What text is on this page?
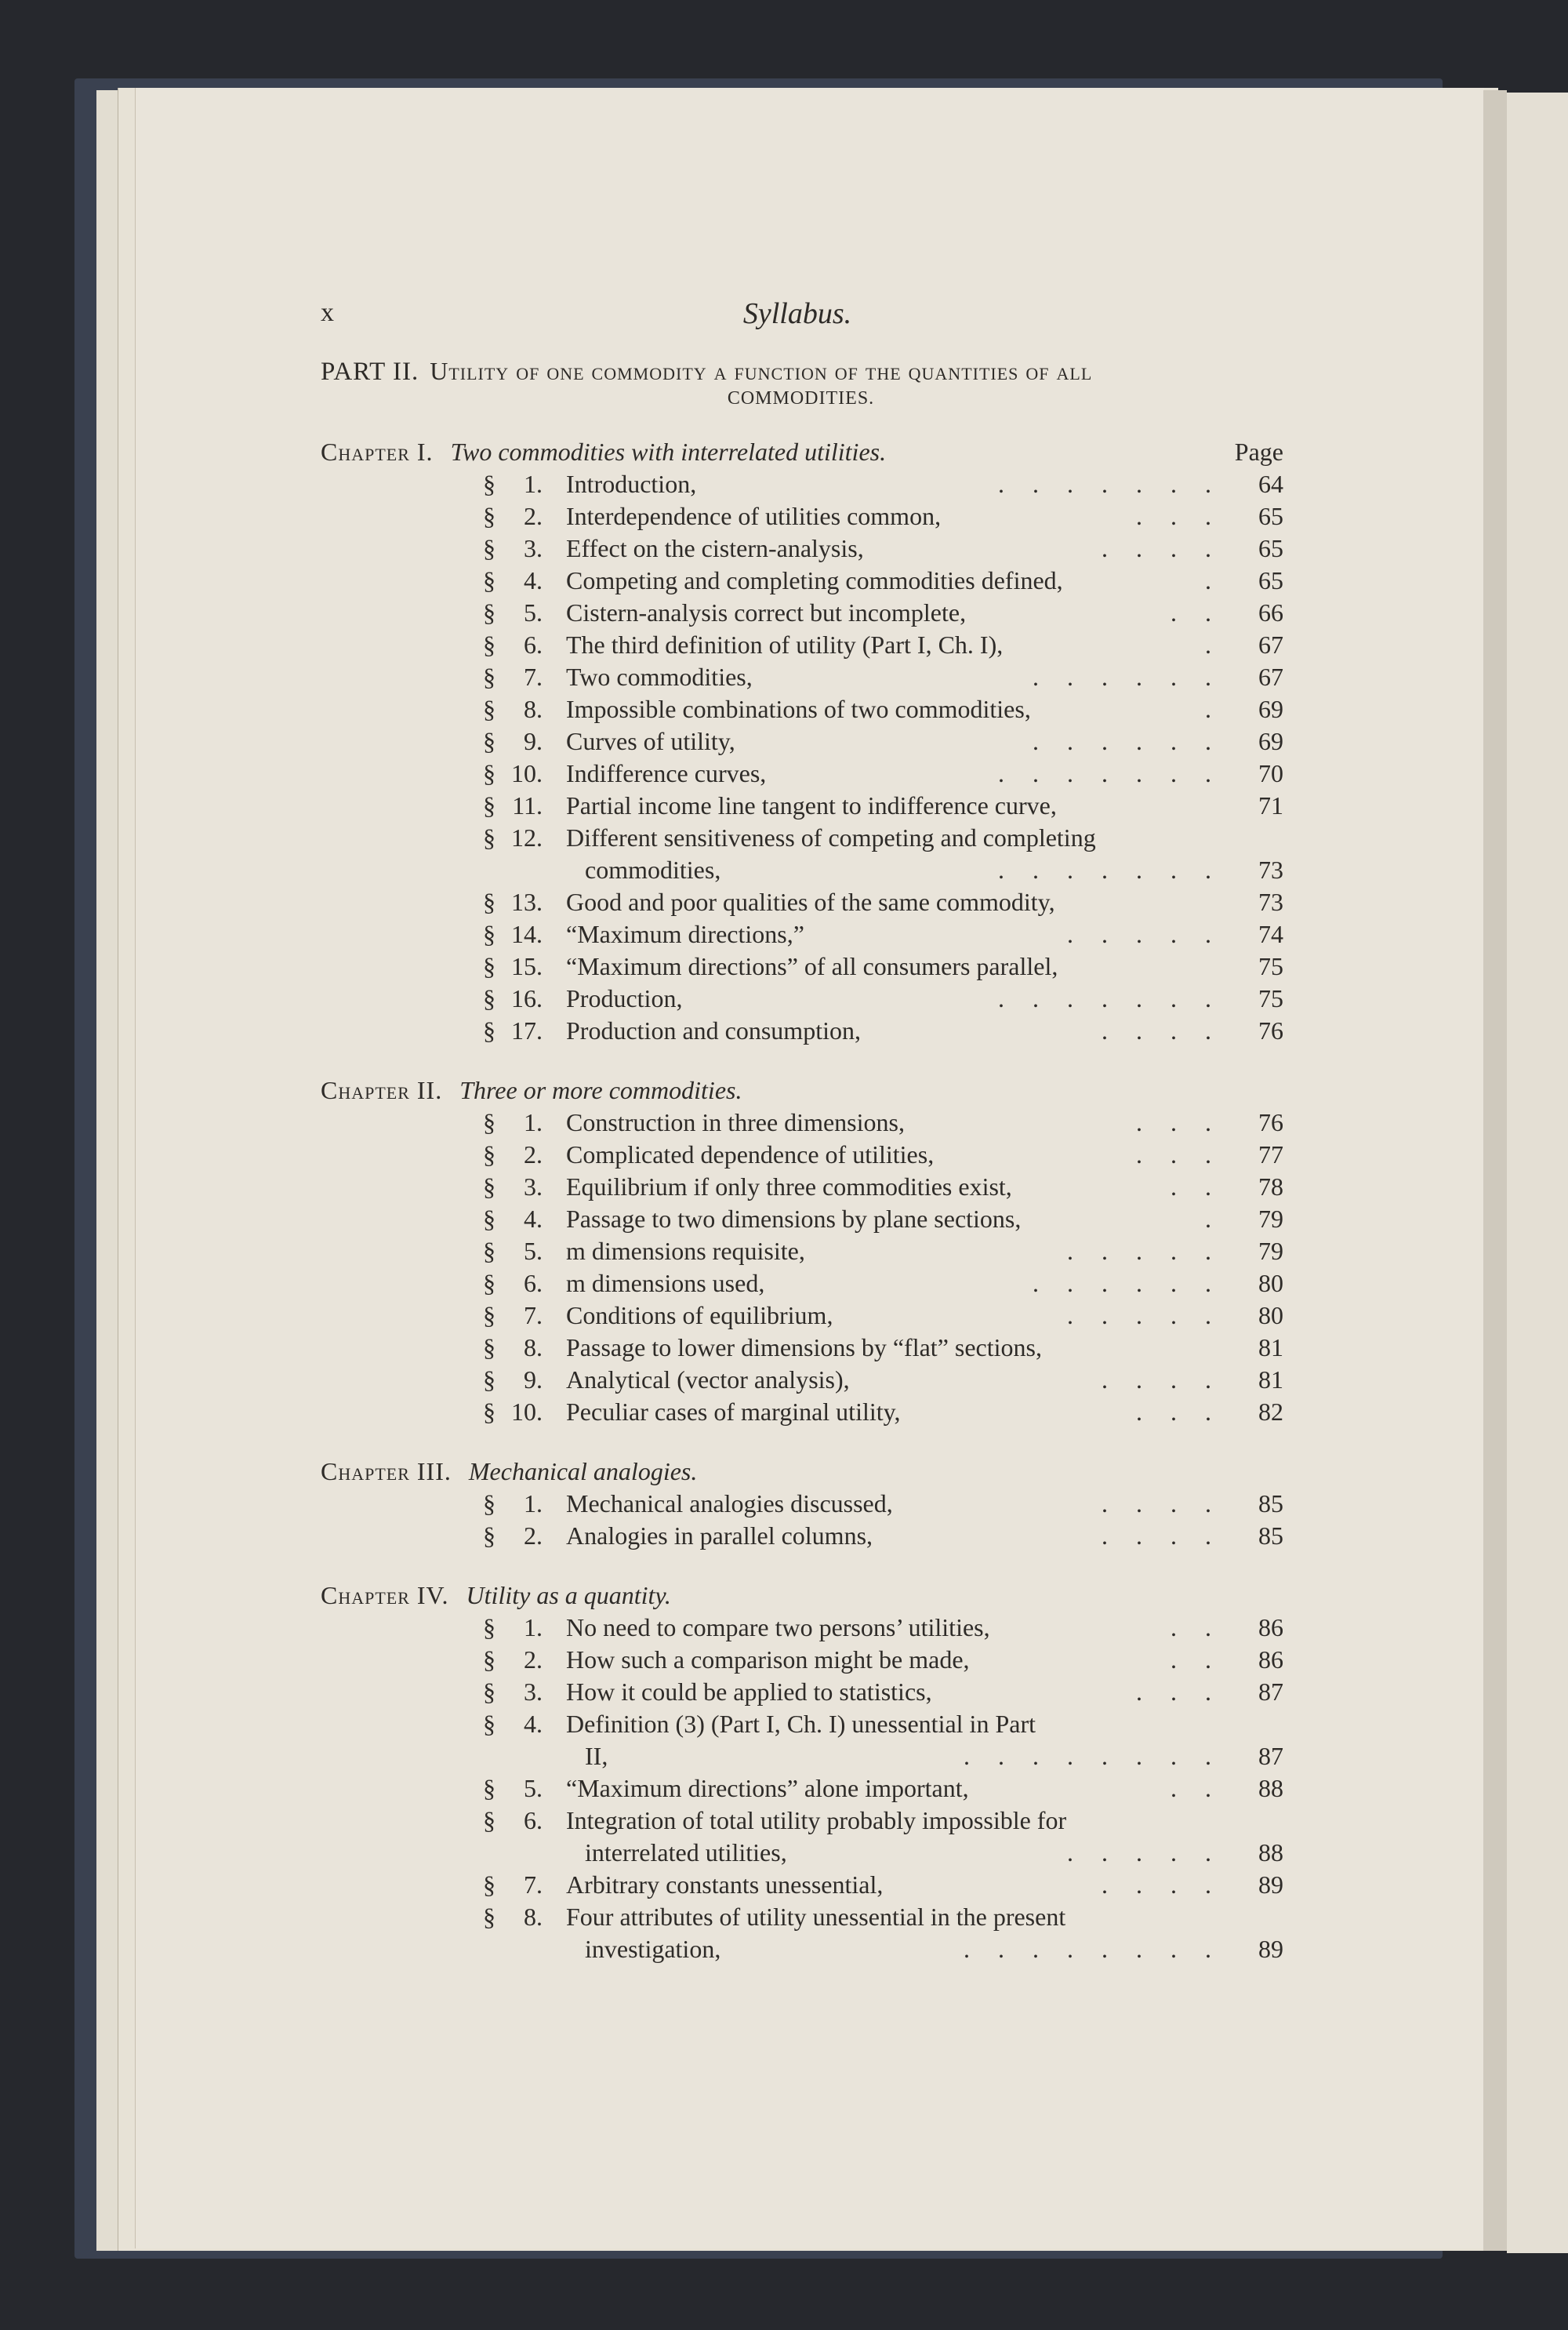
x	Syllabus.
PART II. Utility of one commodity a function of the quantities of all
COMMODITIES.
Chapter I. Two commodities with interrelated utilities.	Page
§	1. Introduction,	. . . . . . .	64
§	2. Interdependence of utilities common,	. . .	65
§	3. Effect on the cistern-analysis,	. . . .	65
§	4. Competing and completing commodities defined,	.	65
§	5. Cistern-analysis correct but incomplete,	. .	66
§	6. The third definition of utility (Part I, Ch. I),	.	67
§	7. Two commodities,	. . . . . .	67
§	8. Impossible combinations of two commodities,	.	69
§	9. Curves of utility,	. . . . . .	69
§ 10. Indifference curves,	. . . . . . .	70
§ 11. Partial income line tangent to indifference curve,	71
§ 12. Different sensitiveness of competing and completing
commodities,	. . . . . . .	73
§ 13. Good and poor qualities of the same commodity,	73
§ 14. “Maximum directions,”	. . . . .	74
§ 15. “Maximum directions” of all consumers parallel,	75
§ 16. Production,	. . . . . . .	75
§ 17. Production and consumption,	. . . .	76
Chapter II. Three or more commodities.
§	1. Construction in three dimensions,	. . .	76
§	2. Complicated dependence of utilities,	. . .	77
§	3. Equilibrium if only three commodities exist,	. .	78
§	4. Passage to two dimensions by plane sections,	.	79
§	5. m dimensions requisite,	. . . . .	79
§	6. m dimensions used,	. . . . . .	80
§	7. Conditions of equilibrium,	. . . . .	80
§	8. Passage to lower dimensions by “flat” sections,	81
§	9. Analytical (vector analysis),	. . . .	81
§ 10. Peculiar cases of marginal utility,	. . .	82
Chapter III. Mechanical analogies.
§	1. Mechanical analogies discussed,	. . . .	85
§	2. Analogies in parallel columns,	. . . .	85
Chapter IV. Utility as a quantity.
§	1. No need to compare two persons’ utilities,	. .	86
§	2. How such a comparison might be made,	. .	86
§	3. How it could be applied to statistics,	. . .	87
§	4. Definition (3) (Part I, Ch. I) unessential in Part
II,	. . . . . . . .	87
§	5. “Maximum directions” alone important,	. .	88
§	6. Integration of total utility probably impossible for
interrelated utilities,	. . . . .	88
§	7. Arbitrary constants unessential,	. . . .	89
§	8. Four attributes of utility unessential in the present
investigation,	. . . . . . . .	89
